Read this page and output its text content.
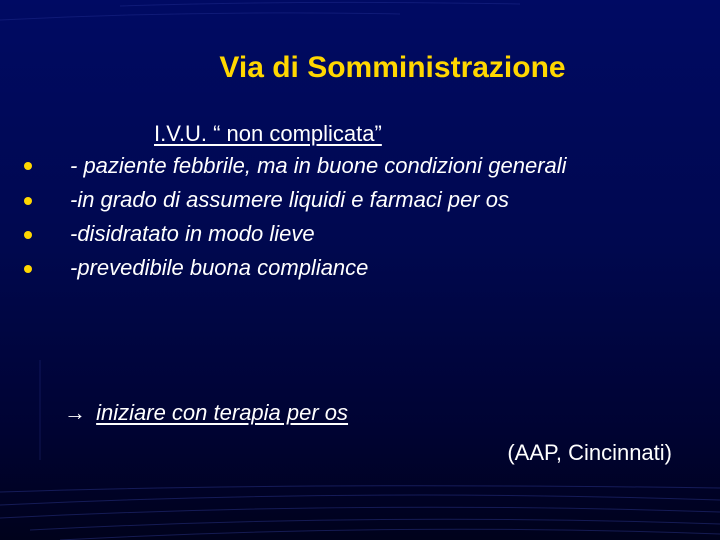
Via di Somministrazione
I.V.U. “ non complicata”
- paziente febbrile, ma in buone condizioni generali
-in grado di assumere liquidi e farmaci per os
-disidratato in modo lieve
-prevedibile buona compliance
→ iniziare con terapia per os
(AAP, Cincinnati)
